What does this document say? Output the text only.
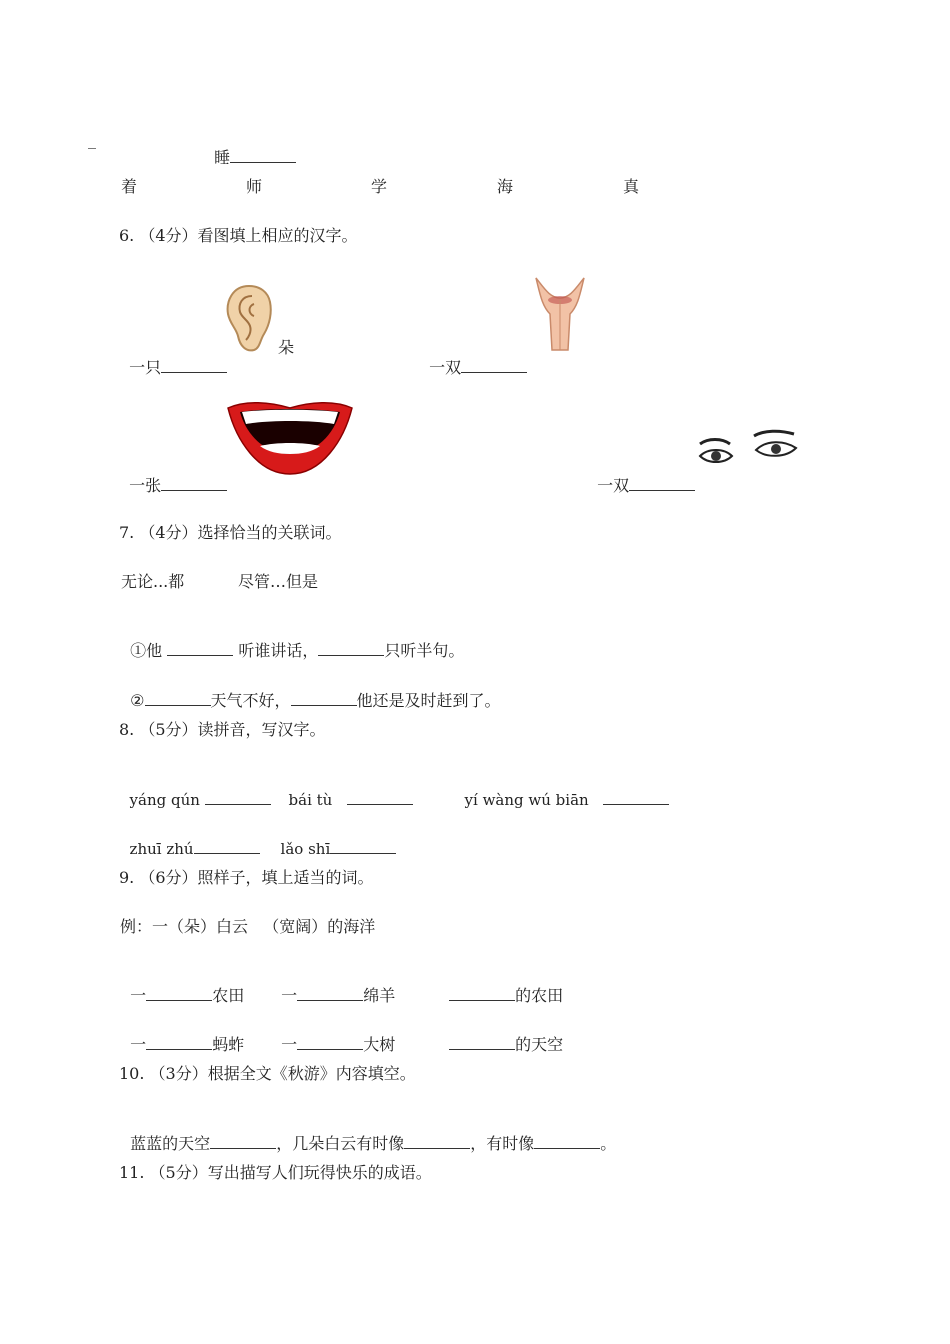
_

睡

着	师	学	海	真
6. （4分）看图填上相应的汉字。

一只

朵

一双

一张	一双

7. （4分）选择恰当的关联词。
无论...都	尽管…但是

①他	听谁讲话，	只听半句。

②	天气不好，	他还是及时赶到了。

8. （5分）读拼音，写汉字。

yáng qún	bái tù	yí wàng wú biān

zhuī zhú	lǎo shī

9. （6分）照样子，填上适当的词。
例：一（朵）白云   （宽阔）的海洋

一	农田	一	绵羊	的农田

一	蚂蚱	一	大树	的天空

10. （3分）根据全文《秋游》内容填空。

蓝蓝的天空	，几朵白云有时像	，有时像	。

11. （5分）写出描写人们玩得快乐的成语。
